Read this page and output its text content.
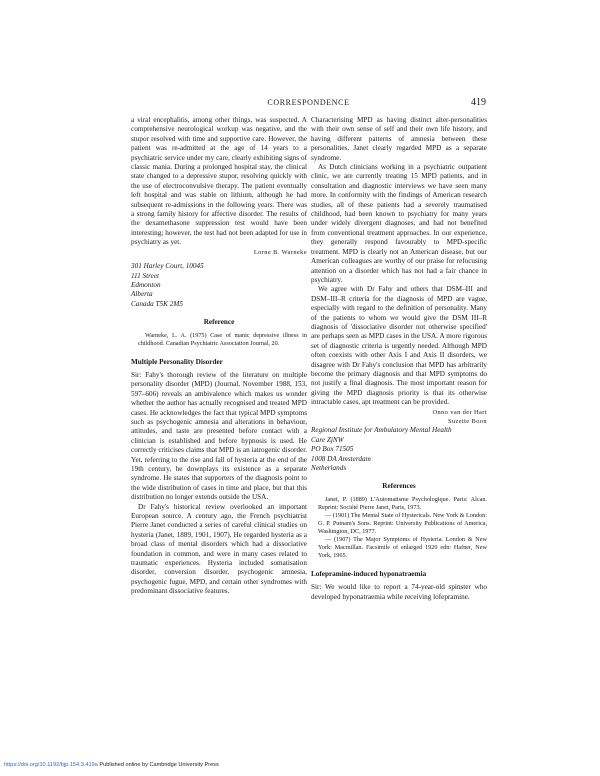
CORRESPONDENCE	419

a viral encephalitis, among other things, was suspected. A comprehensive neurological workup was negative, and the stupor resolved with time and supportive care. However, the patient was re-admitted at the age of 14 years to a psychiatric service under my care, clearly exhibiting signs of classic mania. During a prolonged hospital stay, the clinical state changed to a depressive stupor, resolving quickly with the use of electroconvulsive therapy. The patient eventually left hospital and was stable on lithium, although he had subsequent re-admissions in the following years. There was a strong family history for affective disorder. The results of the dexamethasone suppression test would have been interesting; however, the test had not been adapted for use in psychiatry as yet.

Lorne B. Warneke
301 Harley Court, 10045
111 Street
Edmonton
Alberta
Canada T5K 2M5
Reference

Warneke, L. A. (1975) Case of manic depressive illness in childhood. Canadian Psychiatric Association Journal, 20.

Multiple Personality Disorder

Sir: Fahy's thorough review of the literature on multiple personality disorder (MPD) (Journal, November 1988, 153, 597–606) reveals an ambivalence which makes us wonder whether the author has actually recognised and treated MPD cases. He acknowledges the fact that typical MPD symptoms such as psychogenic amnesia and alterations in behaviour, attitudes, and taste are presented before contact with a clinician is established and before hypnosis is used. He correctly criticises claims that MPD is an iatrogenic disorder. Yet, referring to the rise and fall of hysteria at the end of the 19th century, he downplays its existence as a separate syndrome. He states that supporters of the diagnosis point to the wide distribution of cases in time and place, but that this distribution no longer extends outside the USA.

Dr Fahy's historical review overlooked an important European source. A century ago, the French psychiatrist Pierre Janet conducted a series of careful clinical studies on hysteria (Janet, 1889, 1901, 1907). He regarded hysteria as a broad class of mental disorders which had a dissociative foundation in common, and were in many cases related to traumatic experiences. Hysteria included somatisation disorder, conversion disorder, psychogenic amnesia, psychogenic fugue, MPD, and certain other syndromes with predominant dissociative features.

Characterising MPD as having distinct alter-personalities with their own sense of self and their own life history, and having different patterns of amnesia between these personalities, Janet clearly regarded MPD as a separate syndrome.

As Dutch clinicians working in a psychiatric outpatient clinic, we are currently treating 15 MPD patients, and in consultation and diagnostic interviews we have seen many more. In conformity with the findings of American research studies, all of these patients had a severely traumatised childhood, had been known to psychiatry for many years under widely divergent diagnoses, and had not benefited from conventional treatment approaches. In our experience, they generally respond favourably to MPD-specific treatment. MPD is clearly not an American disease, but our American colleagues are worthy of our praise for refocusing attention on a disorder which has not had a fair chance in psychiatry.

We agree with Dr Fahy and others that DSM–III and DSM–III–R criteria for the diagnosis of MPD are vague, especially with regard to the definition of personality. Many of the patients to whom we would give the DSM III–R diagnosis of 'dissociative disorder not otherwise specified' are perhaps seen as MPD cases in the USA. A more rigorous set of diagnostic criteria is urgently needed. Although MPD often coexists with other Axis I and Axis II disorders, we disagree with Dr Fahy's conclusion that MPD has arbitrarily become the primary diagnosis and that MPD symptoms do not justify a final diagnosis. The most important reason for giving the MPD diagnosis priority is that its otherwise intractable cases, apt treatment can be provided.

Onno van der Hart
Suzette Boon
Regional Institute for Ambulatory Mental Health
Care ZjNW
PO Box 71505
1008 DA Amsterdam
Netherlands
References

Janet, P. (1889) L'Automatisme Psychologique. Paris: Alcan. Reprint: Société Pierre Janet, Paris, 1973.

— (1901) The Mental State of Hystericals. New York & London: G. P. Putnam's Sons. Reprint: University Publications of America, Washington, DC, 1977.

— (1907) The Major Symptoms of Hysteria. London & New York: Macmillan. Facsimile of enlarged 1920 edn: Hafner, New York, 1965.

Lofepramine-induced hyponatraemia

Sir: We would like to report a 74-year-old spinster who developed hyponatraemia while receiving lofepramine.

https://doi.org/10.1192/bjp.154.3.419a Published online by Cambridge University Press
